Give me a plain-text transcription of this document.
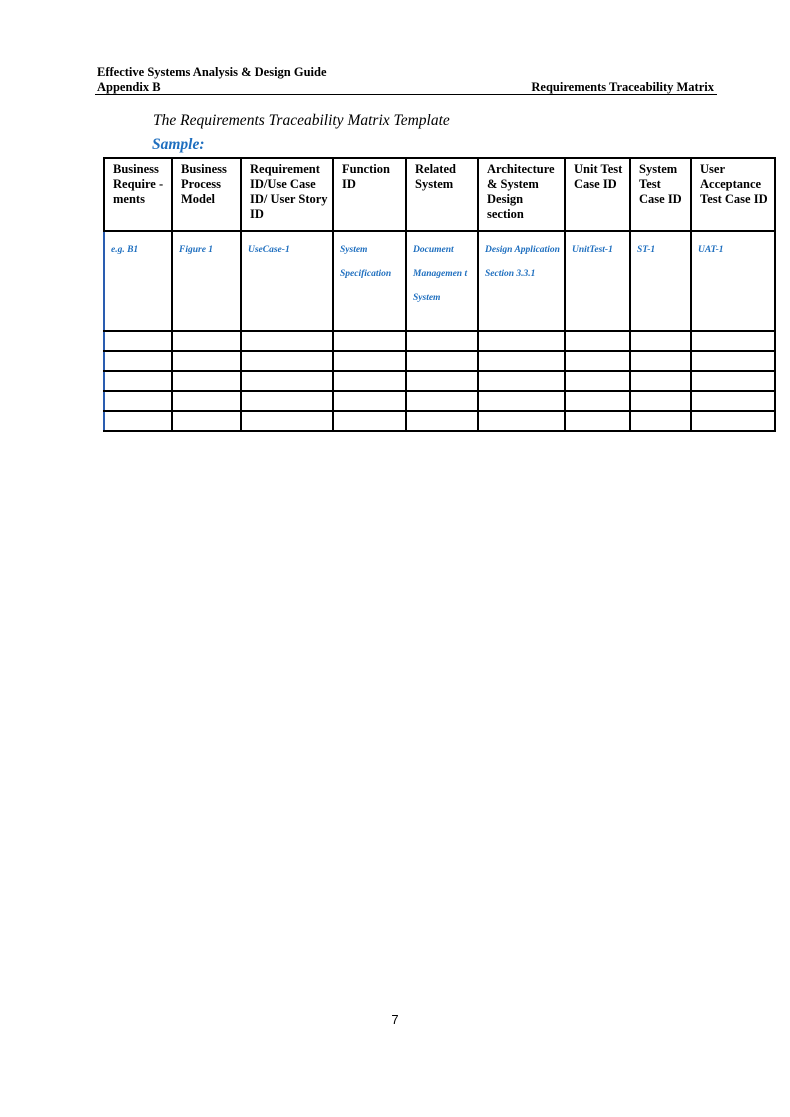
Effective Systems Analysis & Design Guide
Appendix B	Requirements Traceability Matrix
The Requirements Traceability Matrix Template
Sample:
Business Require -ments	Business Process Model	Requirement ID/Use Case ID/ User Story ID	Function ID	Related System	Architecture & System Design section	Unit Test Case ID	System Test Case ID	User Acceptance Test Case ID
e.g. B1	Figure 1	UseCase-1	System Specification	Document Managemen t System	Design Application Section 3.3.1	UnitTest-1	ST-1	UAT-1

7
